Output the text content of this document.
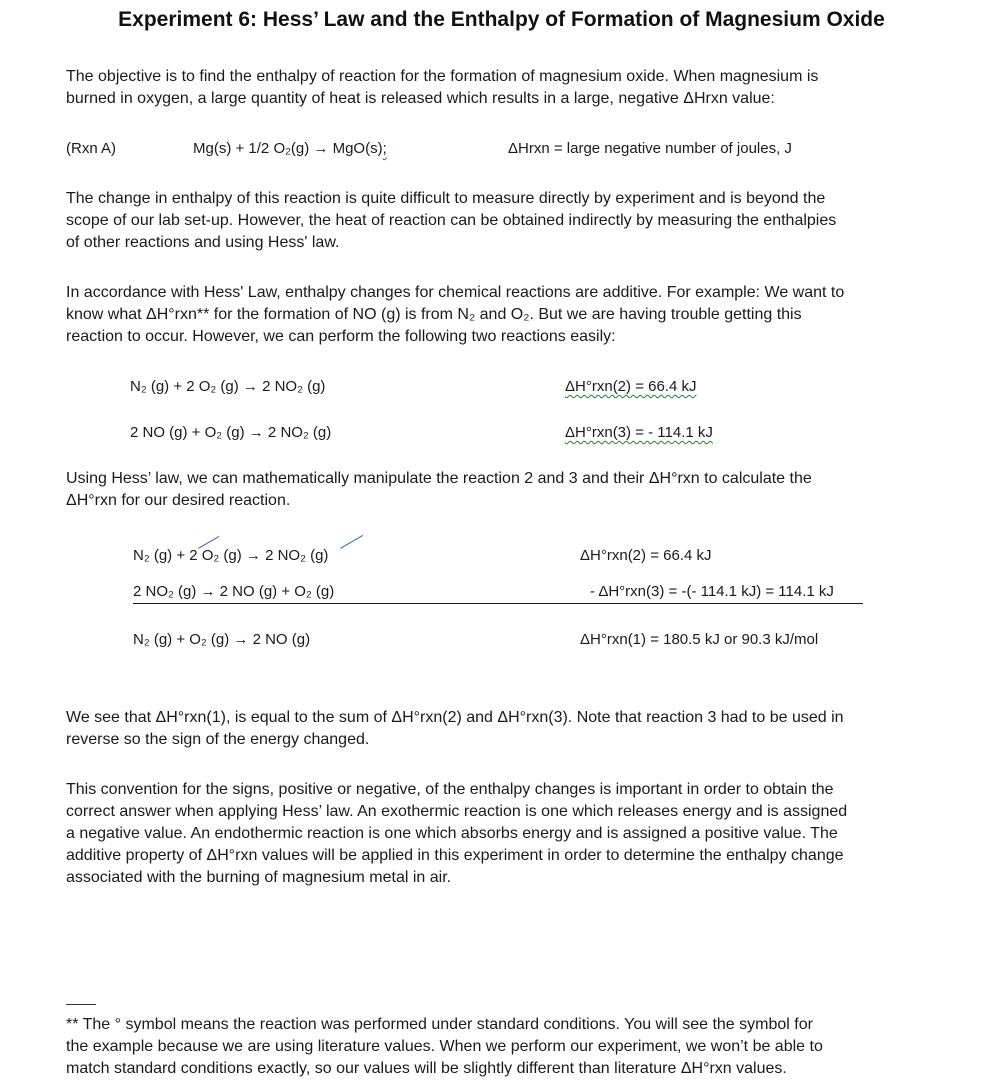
Experiment 6: Hess’ Law and the Enthalpy of Formation of Magnesium Oxide
The objective is to find the enthalpy of reaction for the formation of magnesium oxide. When magnesium is
burned in oxygen, a large quantity of heat is released which results in a large, negative ΔHrxn value:
(Rxn A)	Mg(s) + 1/2 O₂(g) → MgO(s);	ΔHrxn = large negative number of joules, J
The change in enthalpy of this reaction is quite difficult to measure directly by experiment and is beyond the
scope of our lab set-up. However, the heat of reaction can be obtained indirectly by measuring the enthalpies
of other reactions and using Hess' law.
In accordance with Hess' Law, enthalpy changes for chemical reactions are additive. For example: We want to
know what ΔH°rxn** for the formation of NO (g) is from N₂ and O₂. But we are having trouble getting this
reaction to occur. However, we can perform the following two reactions easily:
N₂ (g) + 2 O₂ (g) → 2 NO₂ (g)	ΔH°rxn(2) = 66.4 kJ
2 NO (g) + O₂ (g) → 2 NO₂ (g)	ΔH°rxn(3) = - 114.1 kJ
Using Hess’ law, we can mathematically manipulate the reaction 2 and 3 and their ΔH°rxn to calculate the
ΔH°rxn for our desired reaction.
N₂ (g) + 2 O₂ (g) → 2 NO₂ (g)	ΔH°rxn(2) = 66.4 kJ
2 NO₂ (g) → 2 NO (g) + O₂ (g)	- ΔH°rxn(3) = -(- 114.1 kJ) = 114.1 kJ
N₂ (g) + O₂ (g) → 2 NO (g)	ΔH°rxn(1) = 180.5 kJ or 90.3 kJ/mol
We see that ΔH°rxn(1), is equal to the sum of ΔH°rxn(2) and ΔH°rxn(3). Note that reaction 3 had to be used in
reverse so the sign of the energy changed.
This convention for the signs, positive or negative, of the enthalpy changes is important in order to obtain the
correct answer when applying Hess’ law. An exothermic reaction is one which releases energy and is assigned
a negative value. An endothermic reaction is one which absorbs energy and is assigned a positive value. The
additive property of ΔH°rxn values will be applied in this experiment in order to determine the enthalpy change
associated with the burning of magnesium metal in air.
** The ° symbol means the reaction was performed under standard conditions. You will see the symbol for
the example because we are using literature values. When we perform our experiment, we won’t be able to
match standard conditions exactly, so our values will be slightly different than literature ΔH°rxn values.
